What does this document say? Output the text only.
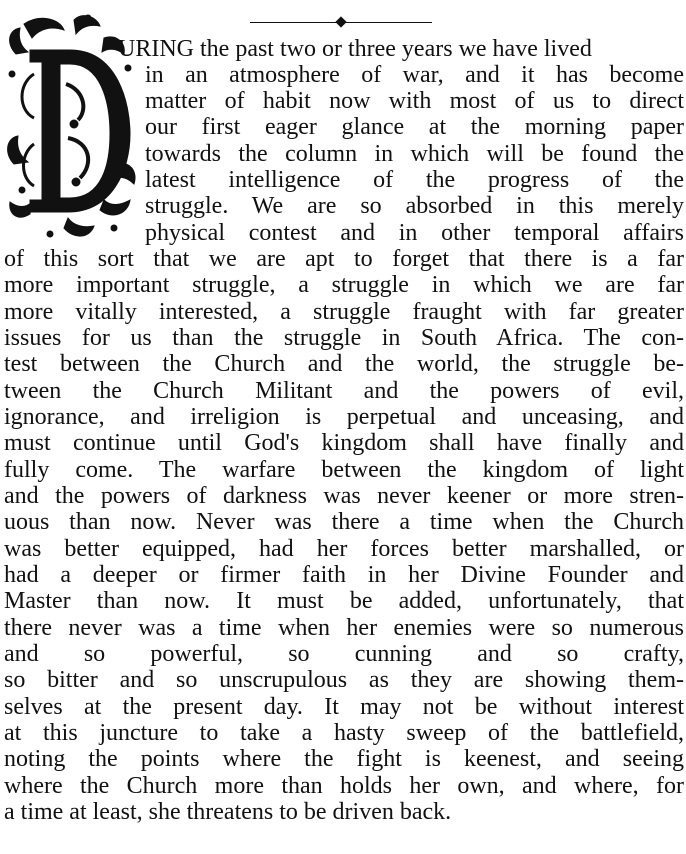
URING the past two or three years we have lived
in an atmosphere of war, and it has become
matter of habit now with most of us to direct
our first eager glance at the morning paper
towards the column in which will be found the
latest intelligence of the progress of the
struggle. We are so absorbed in this merely
physical contest and in other temporal affairs
of this sort that we are apt to forget that there is a far
more important struggle, a struggle in which we are far
more vitally interested, a struggle fraught with far greater
issues for us than the struggle in South Africa. The con-
test between the Church and the world, the struggle be-
tween the Church Militant and the powers of evil,
ignorance, and irreligion is perpetual and unceasing, and
must continue until God's kingdom shall have finally and
fully come. The warfare between the kingdom of light
and the powers of darkness was never keener or more stren-
uous than now. Never was there a time when the Church
was better equipped, had her forces better marshalled, or
had a deeper or firmer faith in her Divine Founder and
Master than now. It must be added, unfortunately, that
there never was a time when her enemies were so numerous
and so powerful, so cunning and so crafty,
so bitter and so unscrupulous as they are showing them-
selves at the present day. It may not be without interest
at this juncture to take a hasty sweep of the battlefield,
noting the points where the fight is keenest, and seeing
where the Church more than holds her own, and where, for
a time at least, she threatens to be driven back.
